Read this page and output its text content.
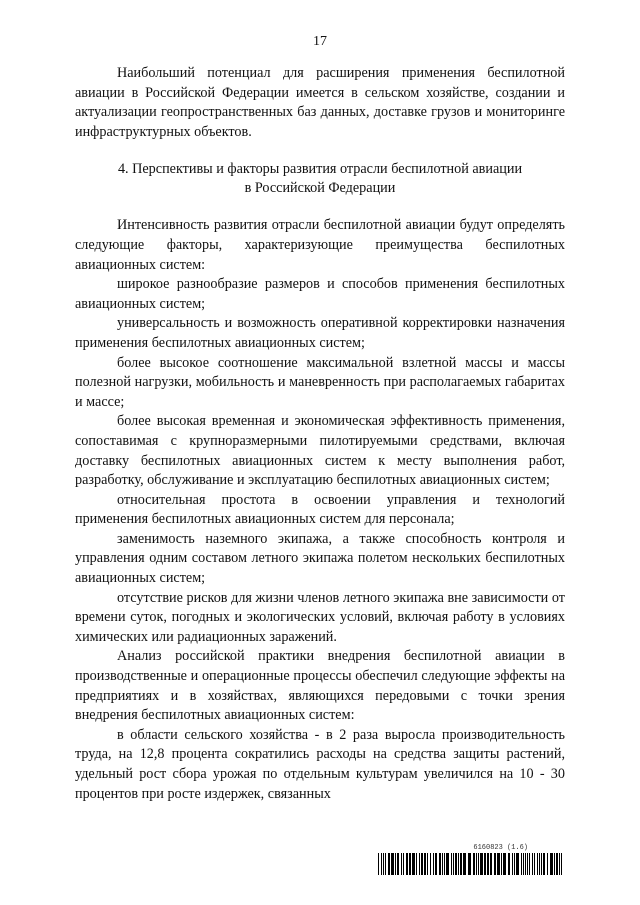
17

Наибольший потенциал для расширения применения беспилотной авиации в Российской Федерации имеется в сельском хозяйстве, создании и актуализации геопространственных баз данных, доставке грузов и мониторинге инфраструктурных объектов.

4. Перспективы и факторы развития отрасли беспилотной авиации
в Российской Федерации

Интенсивность развития отрасли беспилотной авиации будут определять следующие факторы, характеризующие преимущества беспилотных авиационных систем:

широкое разнообразие размеров и способов применения беспилотных авиационных систем;

универсальность и возможность оперативной корректировки назначения применения беспилотных авиационных систем;

более высокое соотношение максимальной взлетной массы и массы полезной нагрузки, мобильность и маневренность при располагаемых габаритах и массе;

более высокая временная и экономическая эффективность применения, сопоставимая с крупноразмерными пилотируемыми средствами, включая доставку беспилотных авиационных систем к месту выполнения работ, разработку, обслуживание и эксплуатацию беспилотных авиационных систем;

относительная простота в освоении управления и технологий применения беспилотных авиационных систем для персонала;

заменимость наземного экипажа, а также способность контроля и управления одним составом летного экипажа полетом нескольких беспилотных авиационных систем;

отсутствие рисков для жизни членов летного экипажа вне зависимости от времени суток, погодных и экологических условий, включая работу в условиях химических или радиационных заражений.

Анализ российской практики внедрения беспилотной авиации в производственные и операционные процессы обеспечил следующие эффекты на предприятиях и в хозяйствах, являющихся передовыми с точки зрения внедрения беспилотных авиационных систем:

в области сельского хозяйства - в 2 раза выросла производительность труда, на 12,8 процента сократились расходы на средства защиты растений, удельный рост сбора урожая по отдельным культурам увеличился на 10 - 30 процентов при росте издержек, связанных

6160823 (1.6)
